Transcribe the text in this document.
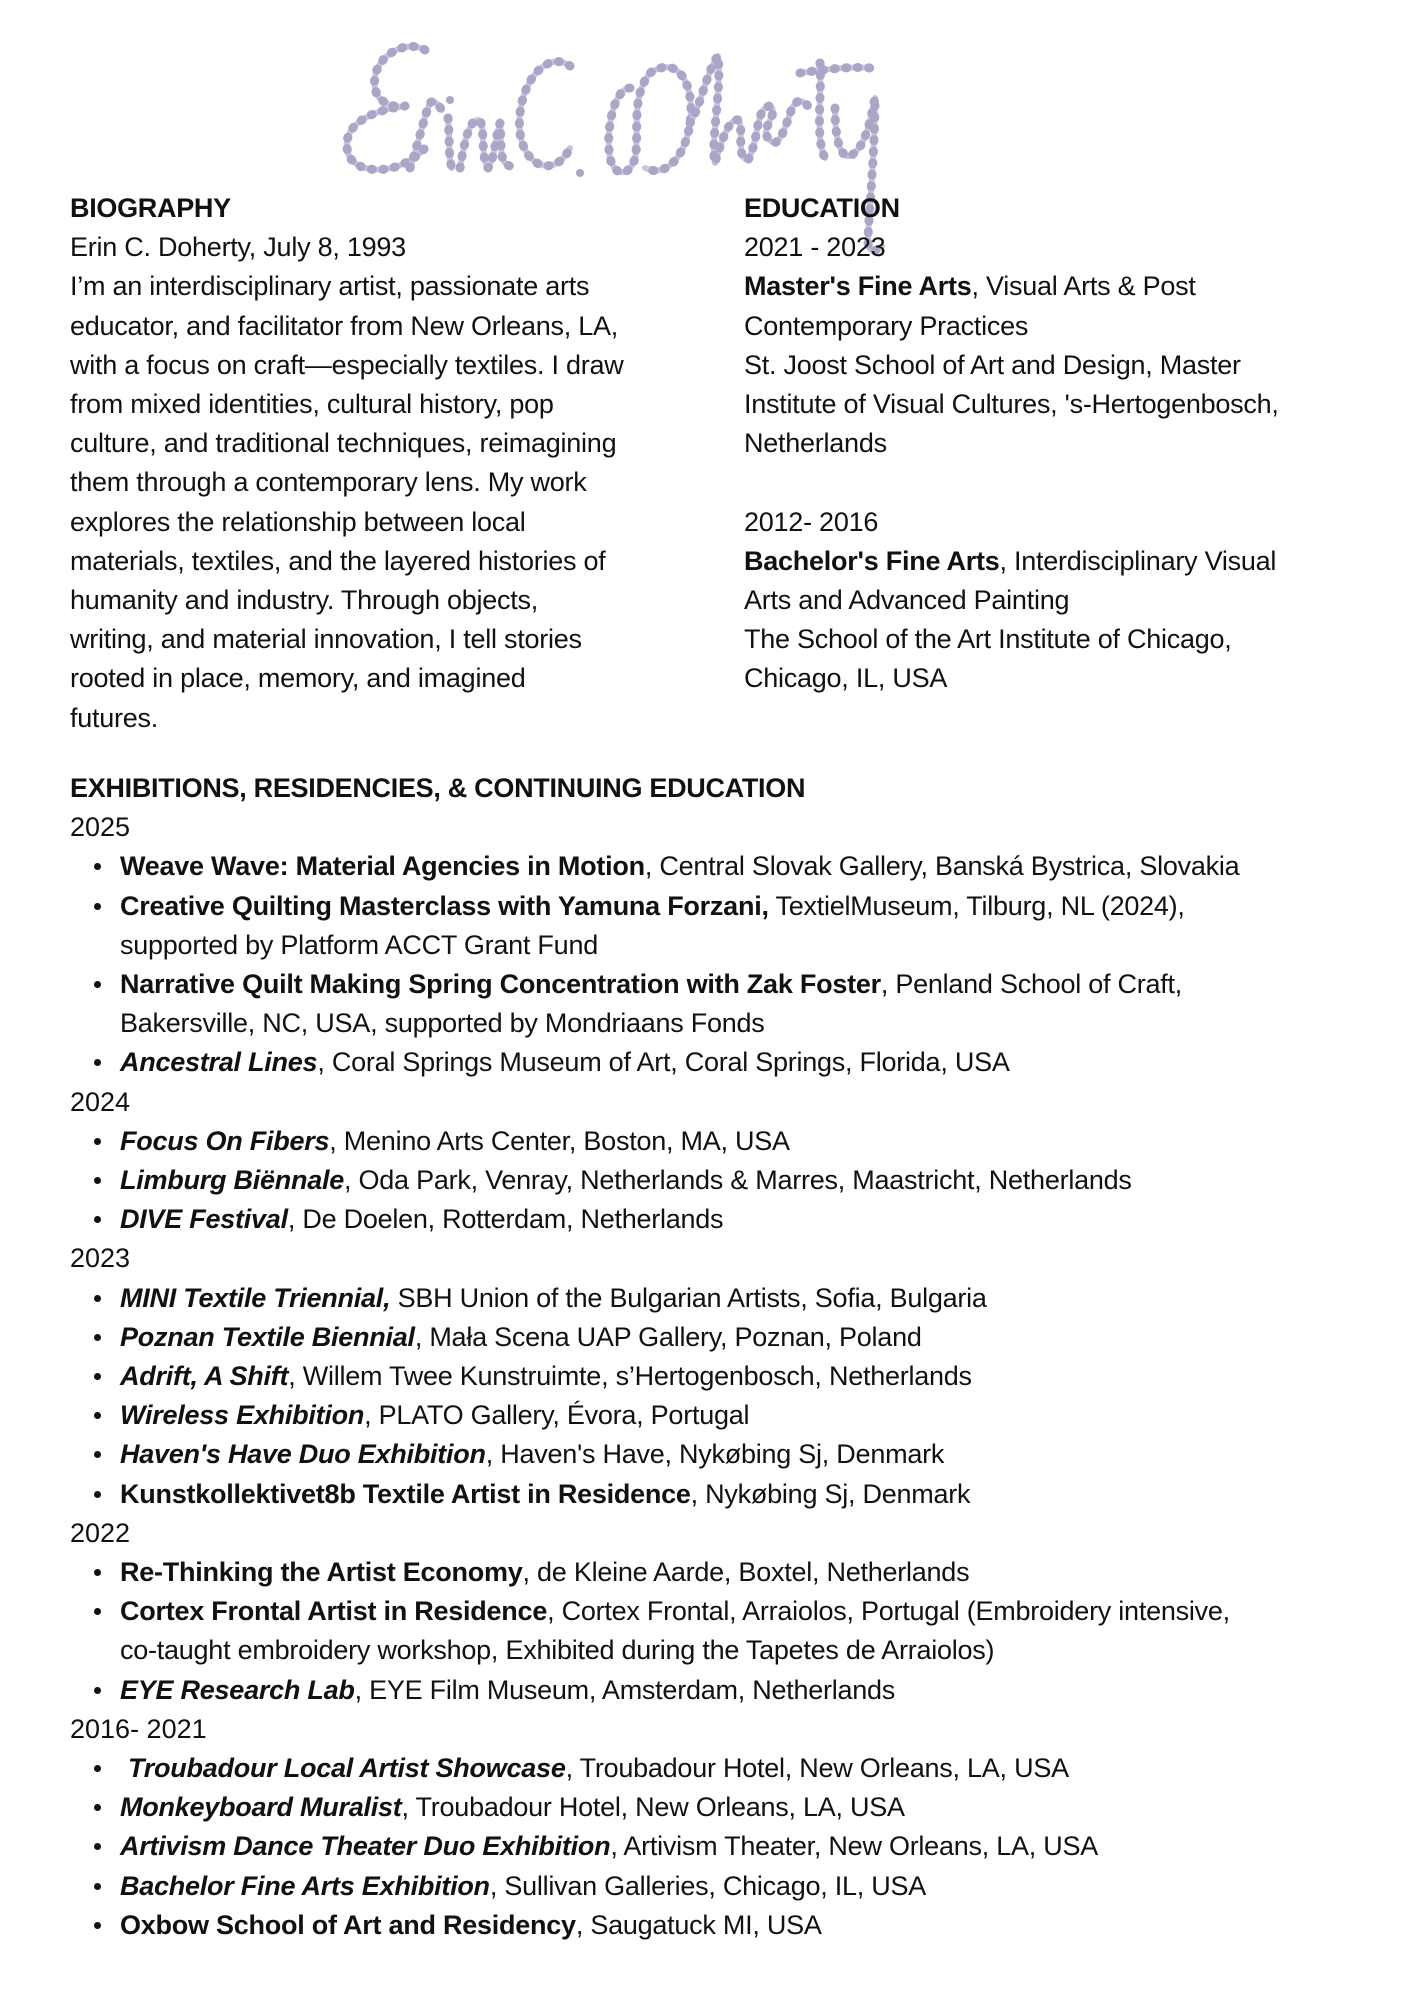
BIOGRAPHY
Erin C. Doherty, July 8, 1993
I’m an interdisciplinary artist, passionate arts
educator, and facilitator from New Orleans, LA,
with a focus on craft—especially textiles. I draw
from mixed identities, cultural history, pop
culture, and traditional techniques, reimagining
them through a contemporary lens. My work
explores the relationship between local
materials, textiles, and the layered histories of
humanity and industry. Through objects,
writing, and material innovation, I tell stories
rooted in place, memory, and imagined
futures.
EDUCATION
2021 - 2023
Master's Fine Arts, Visual Arts & Post
Contemporary Practices
St. Joost School of Art and Design, Master
Institute of Visual Cultures, 's-Hertogenbosch,
Netherlands
2012- 2016
Bachelor's Fine Arts, Interdisciplinary Visual
Arts and Advanced Painting
The School of the Art Institute of Chicago,
Chicago, IL, USA
EXHIBITIONS, RESIDENCIES, & CONTINUING EDUCATION
2025
Weave Wave: Material Agencies in Motion, Central Slovak Gallery, Banská Bystrica, Slovakia
Creative Quilting Masterclass with Yamuna Forzani, TextielMuseum, Tilburg, NL (2024),
supported by Platform ACCT Grant Fund
Narrative Quilt Making Spring Concentration with Zak Foster, Penland School of Craft,
Bakersville, NC, USA, supported by Mondriaans Fonds
Ancestral Lines, Coral Springs Museum of Art, Coral Springs, Florida, USA
2024
Focus On Fibers, Menino Arts Center, Boston, MA, USA
Limburg Biënnale, Oda Park, Venray, Netherlands & Marres, Maastricht, Netherlands
DIVE Festival, De Doelen, Rotterdam, Netherlands
2023
MINI Textile Triennial, SBH Union of the Bulgarian Artists, Sofia, Bulgaria
Poznan Textile Biennial, Mała Scena UAP Gallery, Poznan, Poland
Adrift, A Shift, Willem Twee Kunstruimte, s’Hertogenbosch, Netherlands
Wireless Exhibition, PLATO Gallery, Évora, Portugal
Haven's Have Duo Exhibition, Haven's Have, Nykøbing Sj, Denmark
Kunstkollektivet8b Textile Artist in Residence, Nykøbing Sj, Denmark
2022
Re-Thinking the Artist Economy, de Kleine Aarde, Boxtel, Netherlands
Cortex Frontal Artist in Residence, Cortex Frontal, Arraiolos, Portugal (Embroidery intensive,
co-taught embroidery workshop, Exhibited during the Tapetes de Arraiolos)
EYE Research Lab, EYE Film Museum, Amsterdam, Netherlands
2016- 2021
Troubadour Local Artist Showcase, Troubadour Hotel, New Orleans, LA, USA
Monkeyboard Muralist, Troubadour Hotel, New Orleans, LA, USA
Artivism Dance Theater Duo Exhibition, Artivism Theater, New Orleans, LA, USA
Bachelor Fine Arts Exhibition, Sullivan Galleries, Chicago, IL, USA
Oxbow School of Art and Residency, Saugatuck MI, USA
